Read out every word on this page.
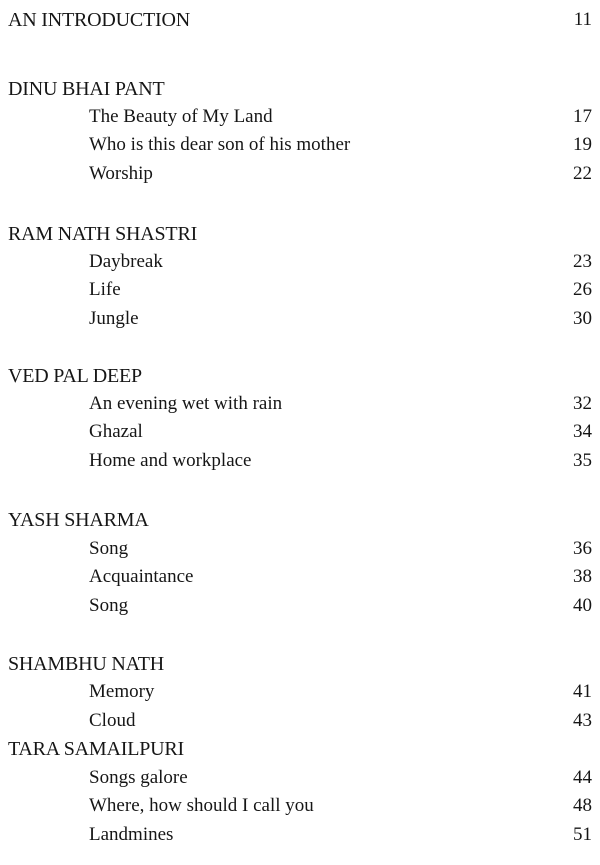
AN INTRODUCTION	11
DINU BHAI PANT
The Beauty of My Land	17
Who is this dear son of his mother	19
Worship	22
RAM NATH SHASTRI
Daybreak	23
Life	26
Jungle	30
VED PAL DEEP
An evening wet with rain	32
Ghazal	34
Home and workplace	35
YASH SHARMA
Song	36
Acquaintance	38
Song	40
SHAMBHU NATH
Memory	41
Cloud	43
TARA SAMAILPURI
Songs galore	44
Where, how should I call you	48
Landmines	51
